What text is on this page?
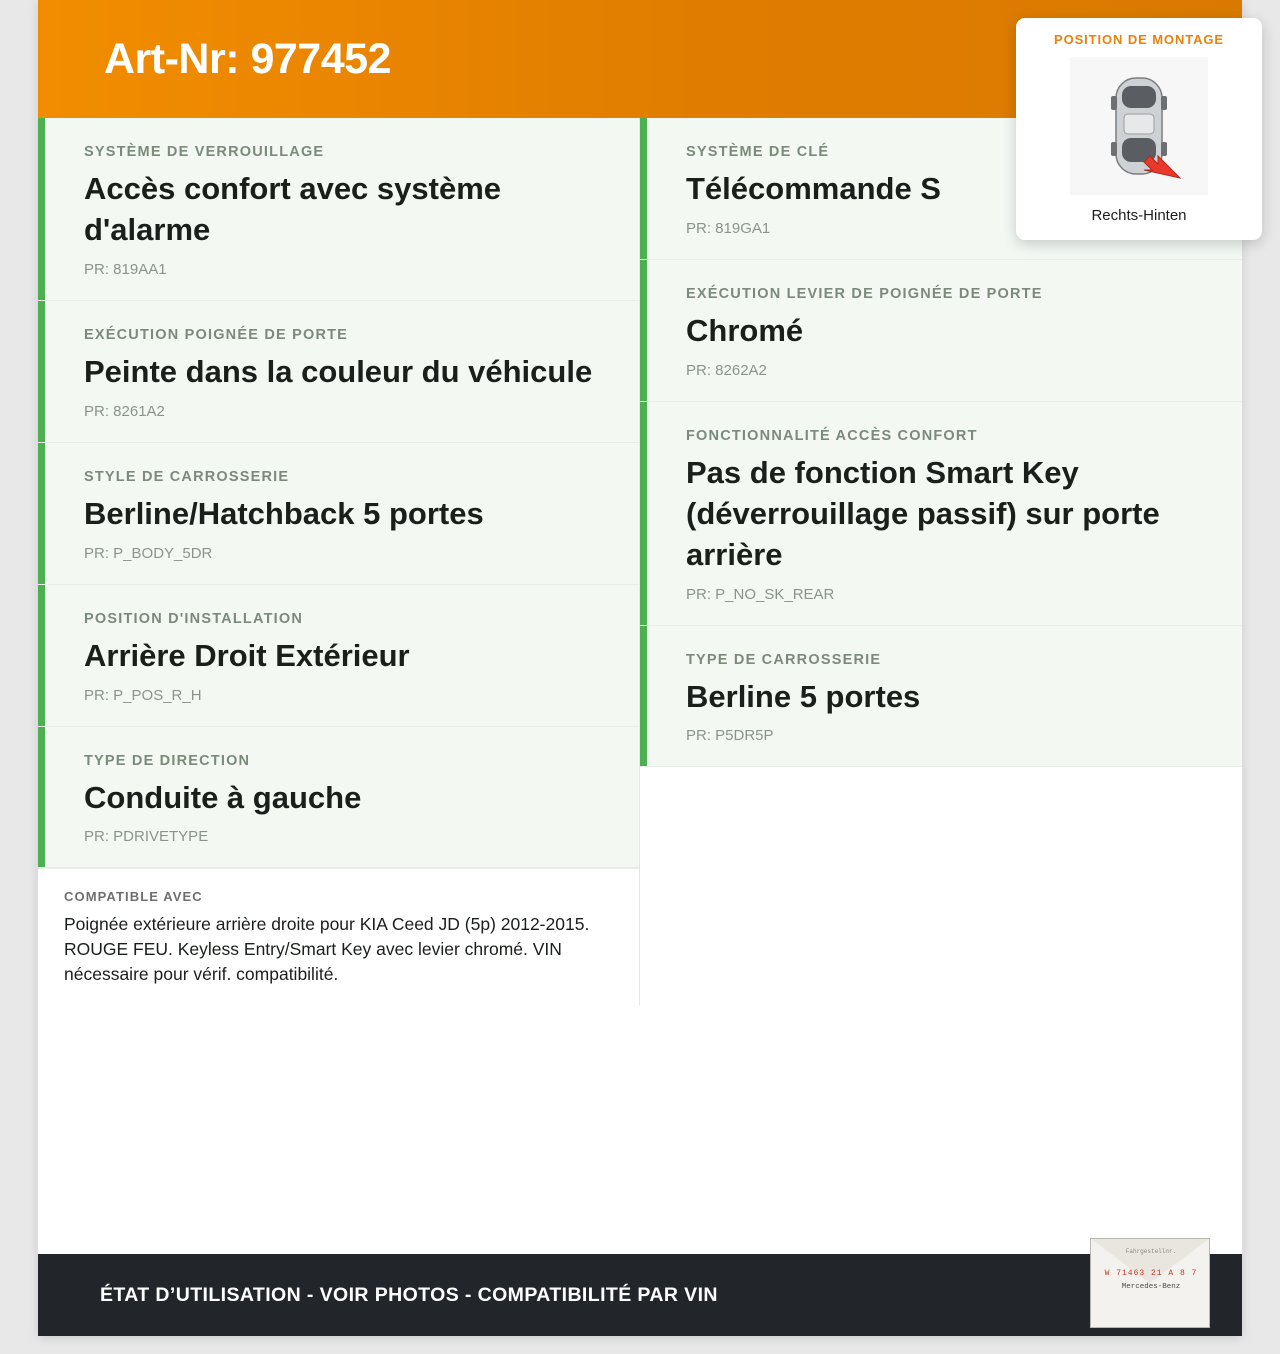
Art-Nr: 977452
SYSTÈME DE VERROUILLAGE
Accès confort avec système d'alarme
PR: 819AA1
EXÉCUTION POIGNÉE DE PORTE
Peinte dans la couleur du véhicule
PR: 8261A2
STYLE DE CARROSSERIE
Berline/Hatchback 5 portes
PR: P_BODY_5DR
POSITION D'INSTALLATION
Arrière Droit Extérieur
PR: P_POS_R_H
TYPE DE DIRECTION
Conduite à gauche
PR: PDRIVETYPE
COMPATIBLE AVEC
Poignée extérieure arrière droite pour KIA Ceed JD (5p) 2012-2015. ROUGE FEU. Keyless Entry/Smart Key avec levier chromé. VIN nécessaire pour vérif. compatibilité.
SYSTÈME DE CLÉ
Télécommande S
PR: 819GA1
EXÉCUTION LEVIER DE POIGNÉE DE PORTE
Chromé
PR: 8262A2
FONCTIONNALITÉ ACCÈS CONFORT
Pas de fonction Smart Key (déverrouillage passif) sur porte arrière
PR: P_NO_SK_REAR
TYPE DE CARROSSERIE
Berline 5 portes
PR: P5DR5P
ÉTAT D’UTILISATION - VOIR PHOTOS - COMPATIBILITÉ PAR VIN
Fahrgestellnr.
W 71463 21 A 8 7
Mercedes-Benz
POSITION DE MONTAGE
Rechts-Hinten
